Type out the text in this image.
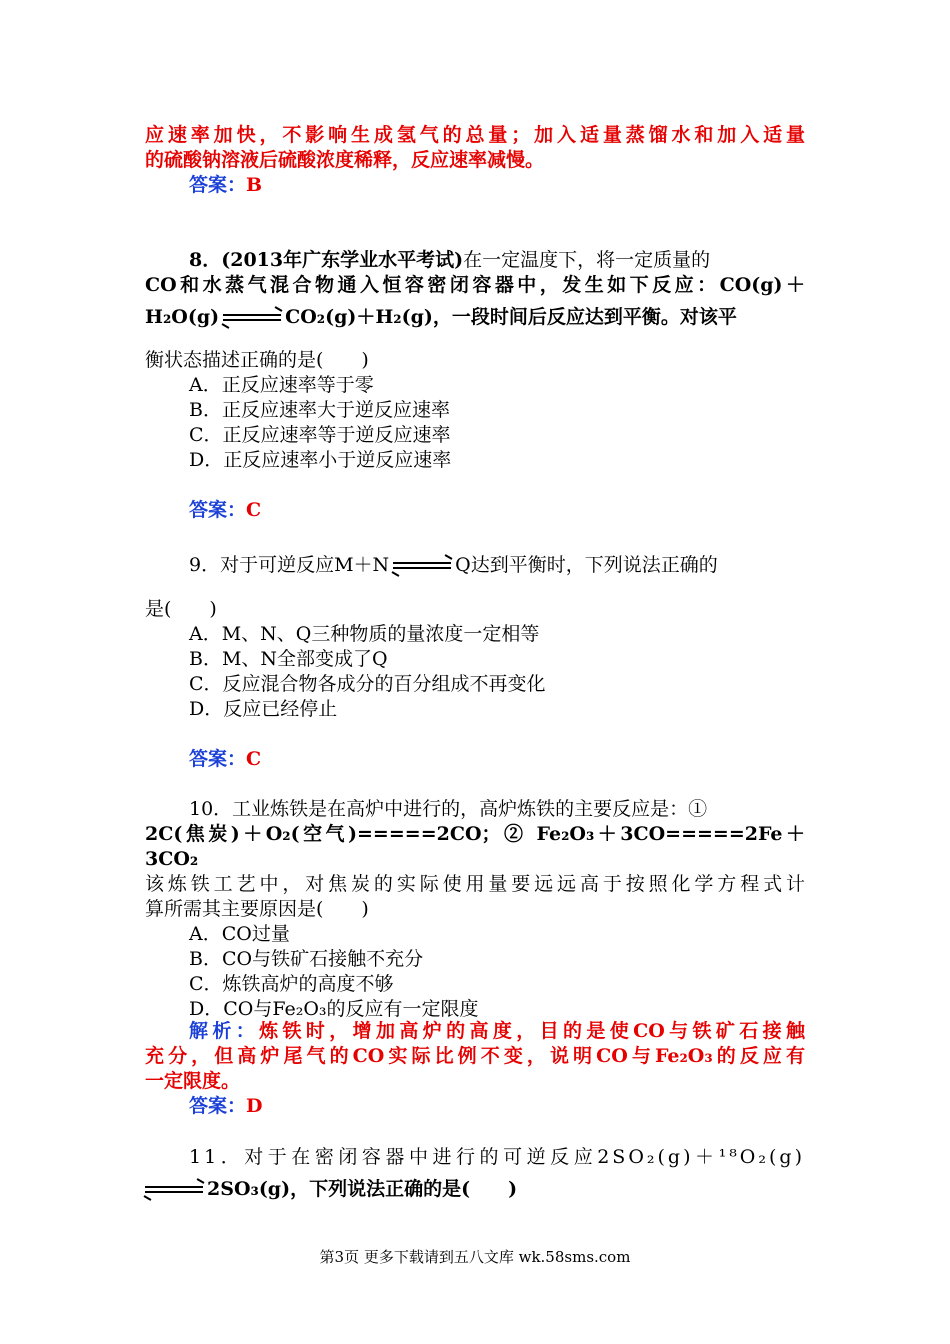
应速率加快，不影响生成氢气的总量；加入适量蒸馏水和加入适量

的硫酸钠溶液后硫酸浓度稀释，反应速率减慢。

答案：B

8．(2013年广东学业水平考试)在一定温度下，将一定质量的

CO和水蒸气混合物通入恒容密闭容器中，发生如下反应：CO(g)＋

H₂O(g)	CO₂(g)＋H₂(g)，一段时间后反应达到平衡。对该平

衡状态描述正确的是(　　)

A．正反应速率等于零

B．正反应速率大于逆反应速率

C．正反应速率等于逆反应速率

D．正反应速率小于逆反应速率

答案：C

9．对于可逆反应M＋N	Q达到平衡时，下列说法正确的

是(　　)

A．M、N、Q三种物质的量浓度一定相等

B．M、N全部变成了Q

C．反应混合物各成分的百分组成不再变化

D．反应已经停止

答案：C

10．工业炼铁是在高炉中进行的，高炉炼铁的主要反应是：①

2C(焦炭)＋O₂(空气)=====2CO；② Fe₂O₃＋3CO=====2Fe＋3CO₂

该炼铁工艺中，对焦炭的实际使用量要远远高于按照化学方程式计

算所需其主要原因是(　　)

A．CO过量

B．CO与铁矿石接触不充分

C．炼铁高炉的高度不够

D．CO与Fe₂O₃的反应有一定限度

解析：炼铁时，增加高炉的高度，目的是使CO与铁矿石接触

充分，但高炉尾气的CO实际比例不变，说明CO与Fe₂O₃的反应有

一定限度。

答案：D

11．对于在密闭容器中进行的可逆反应2SO₂(g)＋¹⁸O₂(g)

2SO₃(g)，下列说法正确的是(　　)

第3页 更多下载请到五八文库 wk.58sms.com
